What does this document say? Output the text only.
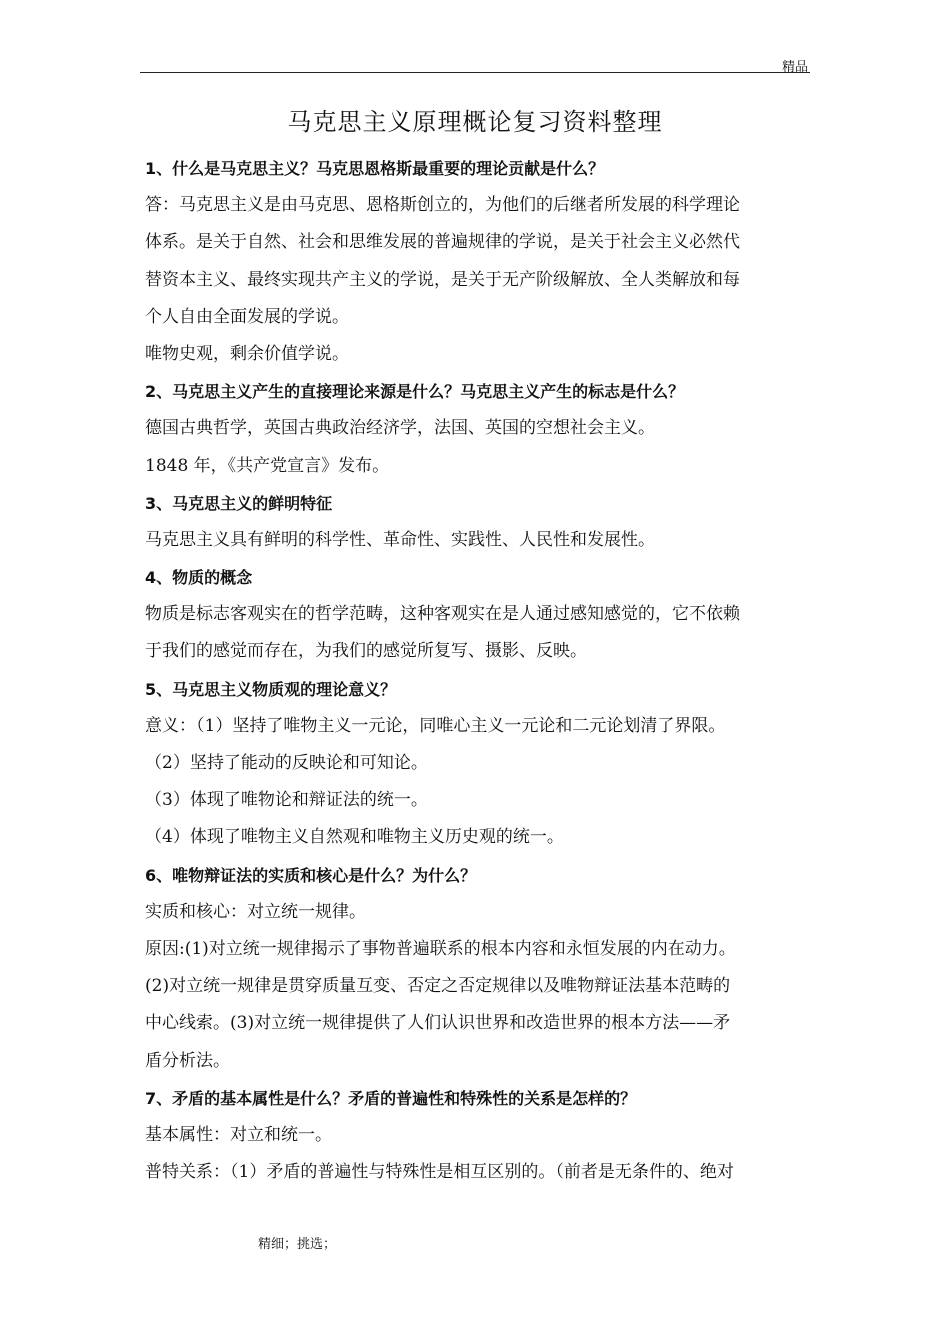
精品
马克思主义原理概论复习资料整理
1、什么是马克思主义？马克思恩格斯最重要的理论贡献是什么？
答：马克思主义是由马克思、恩格斯创立的，为他们的后继者所发展的科学理论
体系。是关于自然、社会和思维发展的普遍规律的学说，是关于社会主义必然代
替资本主义、最终实现共产主义的学说，是关于无产阶级解放、全人类解放和每
个人自由全面发展的学说。
唯物史观，剩余价值学说。
2、马克思主义产生的直接理论来源是什么？马克思主义产生的标志是什么？
德国古典哲学，英国古典政治经济学，法国、英国的空想社会主义。
1848 年，《共产党宣言》发布。
3、马克思主义的鲜明特征
马克思主义具有鲜明的科学性、革命性、实践性、人民性和发展性。
4、物质的概念
物质是标志客观实在的哲学范畴，这种客观实在是人通过感知感觉的，它不依赖
于我们的感觉而存在，为我们的感觉所复写、摄影、反映。
5、马克思主义物质观的理论意义？
意义：（1）坚持了唯物主义一元论，同唯心主义一元论和二元论划清了界限。
（2）坚持了能动的反映论和可知论。
（3）体现了唯物论和辩证法的统一。
（4）体现了唯物主义自然观和唯物主义历史观的统一。
6、唯物辩证法的实质和核心是什么？为什么？
实质和核心：对立统一规律。
原因:(1)对立统一规律揭示了事物普遍联系的根本内容和永恒发展的内在动力。
(2)对立统一规律是贯穿质量互变、否定之否定规律以及唯物辩证法基本范畴的
中心线索。(3)对立统一规律提供了人们认识世界和改造世界的根本方法——矛
盾分析法。
7、矛盾的基本属性是什么？矛盾的普遍性和特殊性的关系是怎样的？
基本属性：对立和统一。
普特关系：（1）矛盾的普遍性与特殊性是相互区别的。（前者是无条件的、绝对
精细；挑选；
